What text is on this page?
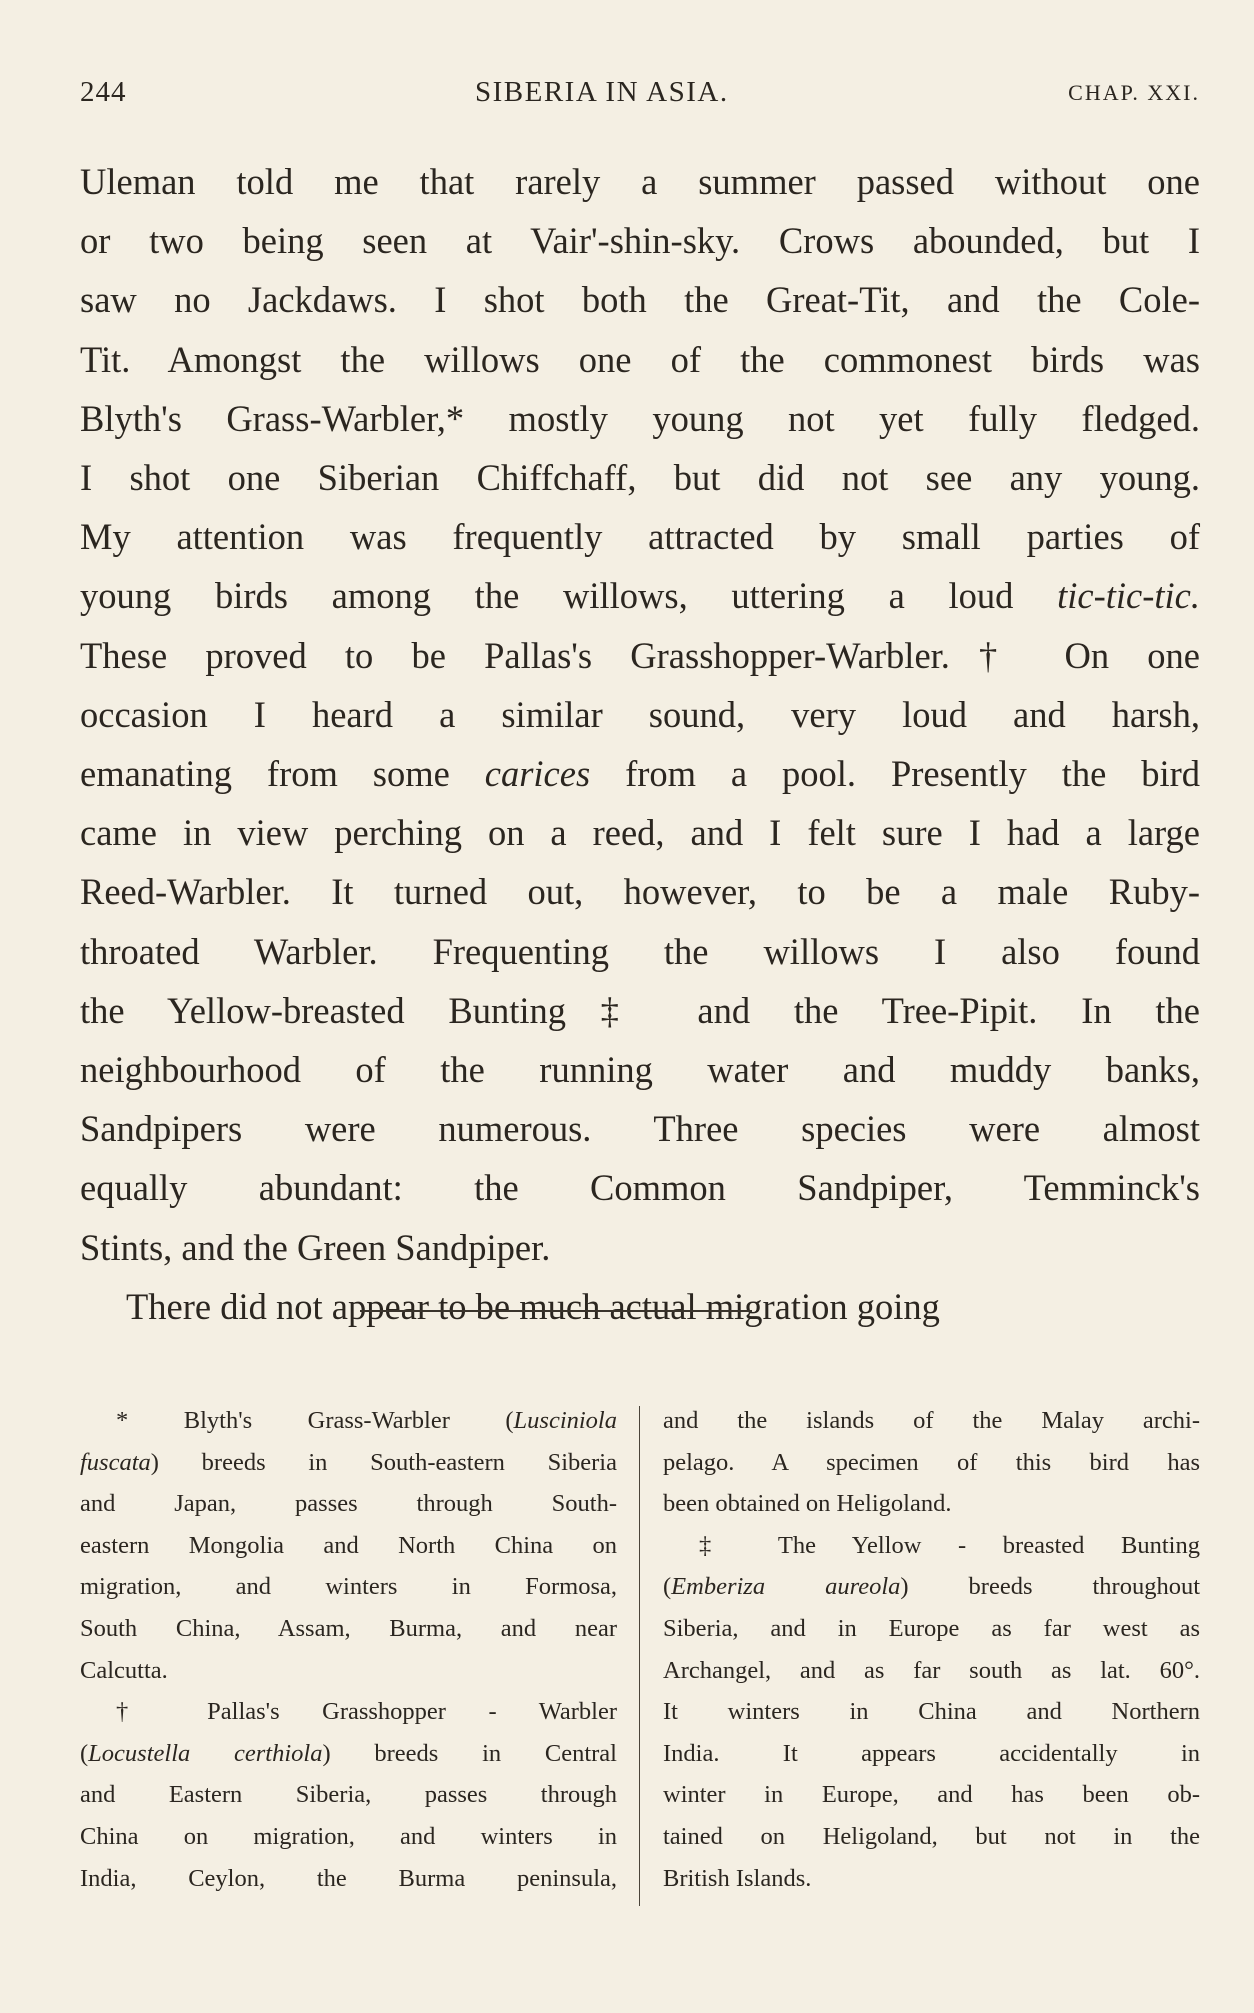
244	SIBERIA IN ASIA.	CHAP. XXI.
Uleman told me that rarely a summer passed without one
or two being seen at Vair'-shin-sky. Crows abounded, but I
saw no Jackdaws. I shot both the Great-Tit, and the Cole-
Tit. Amongst the willows one of the commonest birds was
Blyth's Grass-Warbler,* mostly young not yet fully fledged.
I shot one Siberian Chiffchaff, but did not see any young.
My attention was frequently attracted by small parties of
young birds among the willows, uttering a loud tic-tic-tic.
These proved to be Pallas's Grasshopper-Warbler.† On one
occasion I heard a similar sound, very loud and harsh,
emanating from some carices from a pool. Presently the bird
came in view perching on a reed, and I felt sure I had a large
Reed-Warbler. It turned out, however, to be a male Ruby-
throated Warbler. Frequenting the willows I also found
the Yellow-breasted Bunting‡ and the Tree-Pipit. In the
neighbourhood of the running water and muddy banks,
Sandpipers were numerous. Three species were almost
equally abundant: the Common Sandpiper, Temminck's
Stints, and the Green Sandpiper.
There did not appear to be much actual migration going
* Blyth's Grass-Warbler (Lusciniola
fuscata) breeds in South-eastern Siberia
and Japan, passes through South-
eastern Mongolia and North China on
migration, and winters in Formosa,
South China, Assam, Burma, and near
Calcutta.
† Pallas's Grasshopper - Warbler
(Locustella certhiola) breeds in Central
and Eastern Siberia, passes through
China on migration, and winters in
India, Ceylon, the Burma peninsula,
and the islands of the Malay archi-
pelago. A specimen of this bird has
been obtained on Heligoland.
‡ The Yellow - breasted Bunting
(Emberiza aureola) breeds throughout
Siberia, and in Europe as far west as
Archangel, and as far south as lat. 60°.
It winters in China and Northern
India. It appears accidentally in
winter in Europe, and has been ob-
tained on Heligoland, but not in the
British Islands.
